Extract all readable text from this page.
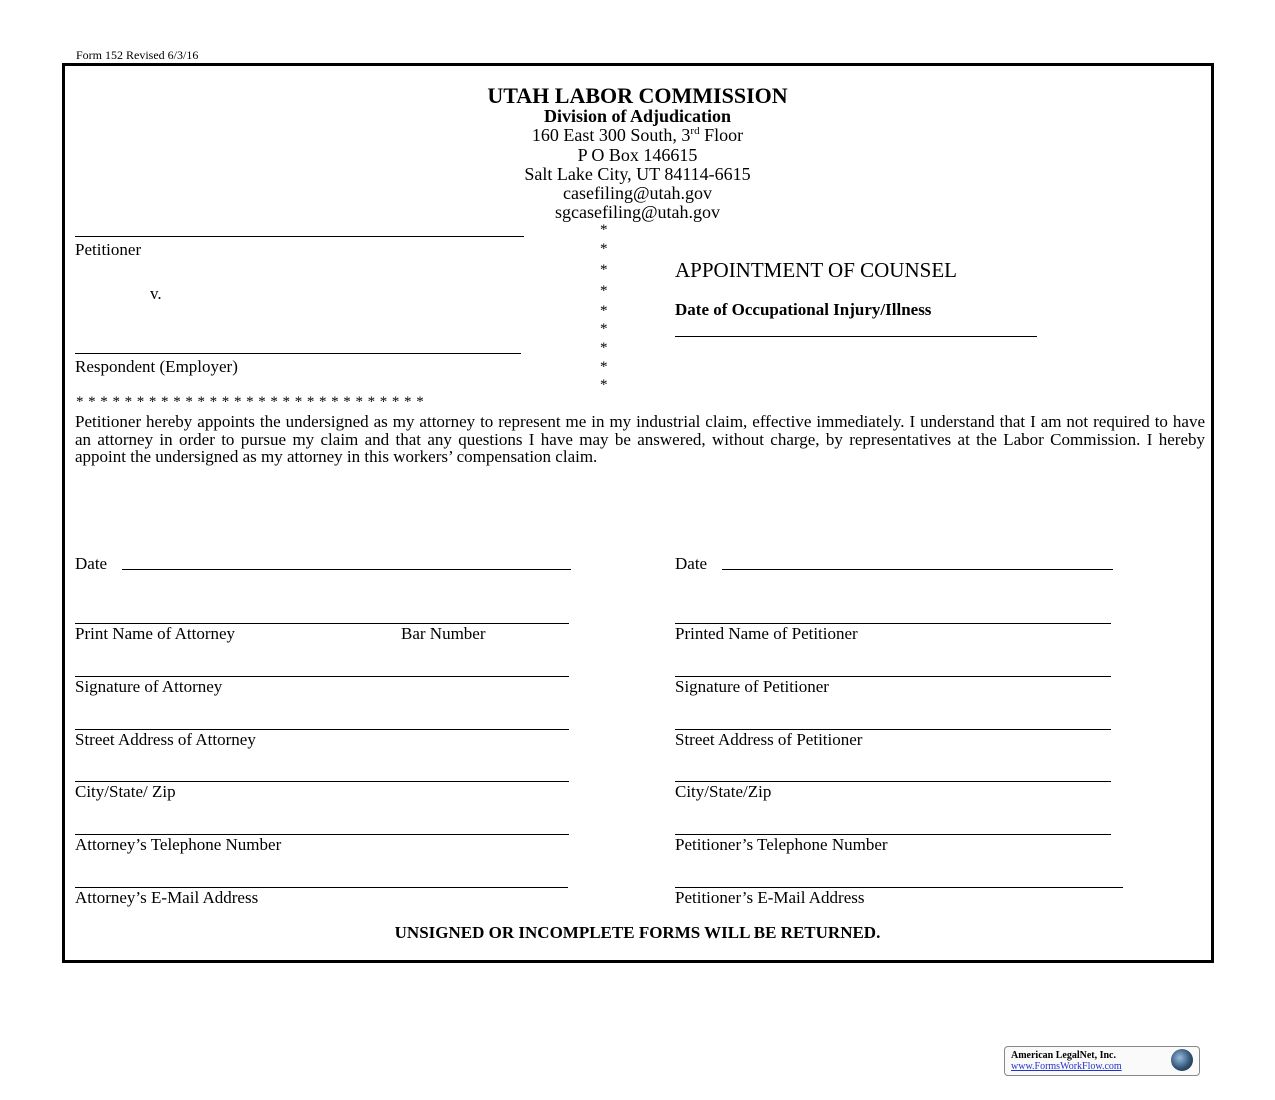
Form 152 Revised 6/3/16
UTAH LABOR COMMISSION
Division of Adjudication
160 East 300 South, 3rd Floor
P O Box 146615
Salt Lake City, UT 84114-6615
casefiling@utah.gov
sgcasefiling@utah.gov
Petitioner
v.
Respondent (Employer)
*
*
*
*
*
*
*
*
*
* * * * * * * * * * * * * * * * * * * * * * * * * * * * *
APPOINTMENT OF COUNSEL
Date of Occupational Injury/Illness
Petitioner hereby appoints the undersigned as my attorney to represent me in my industrial claim, effective immediately. I understand that I am not required to have an attorney in order to pursue my claim and that any questions I have may be answered, without charge, by representatives at the Labor Commission. I hereby appoint the undersigned as my attorney in this workers’ compensation claim.
Date
Print Name of Attorney	Bar Number
Signature of Attorney
Street Address of Attorney
City/State/ Zip
Attorney’s Telephone Number
Attorney’s E-Mail Address
Date
Printed Name of Petitioner
Signature of Petitioner
Street Address of Petitioner
City/State/Zip
Petitioner’s Telephone Number
Petitioner’s E-Mail Address
UNSIGNED OR INCOMPLETE FORMS WILL BE RETURNED.
American LegalNet, Inc.
www.FormsWorkFlow.com
